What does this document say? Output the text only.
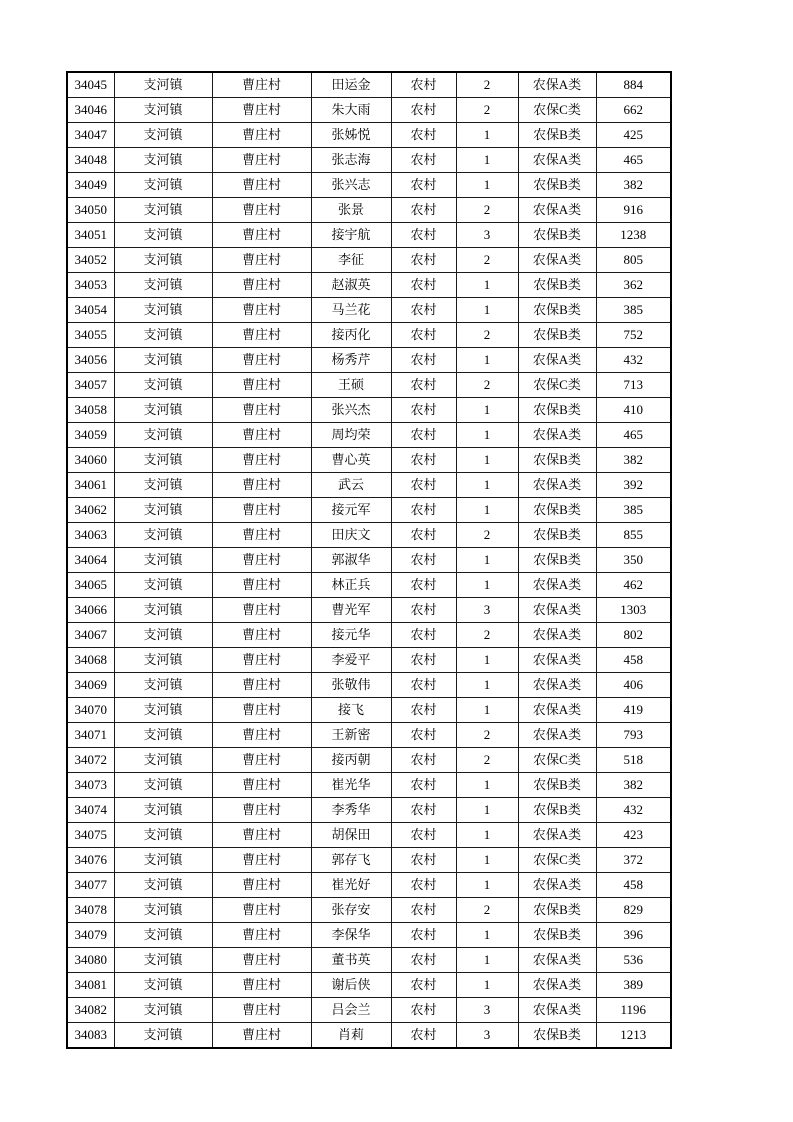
34045	支河镇	曹庄村	田运金	农村	2	农保A类	884
34046	支河镇	曹庄村	朱大雨	农村	2	农保C类	662
34047	支河镇	曹庄村	张姊悦	农村	1	农保B类	425
34048	支河镇	曹庄村	张志海	农村	1	农保A类	465
34049	支河镇	曹庄村	张兴志	农村	1	农保B类	382
34050	支河镇	曹庄村	张景	农村	2	农保A类	916
34051	支河镇	曹庄村	接宇航	农村	3	农保B类	1238
34052	支河镇	曹庄村	李征	农村	2	农保A类	805
34053	支河镇	曹庄村	赵淑英	农村	1	农保B类	362
34054	支河镇	曹庄村	马兰花	农村	1	农保B类	385
34055	支河镇	曹庄村	接丙化	农村	2	农保B类	752
34056	支河镇	曹庄村	杨秀芹	农村	1	农保A类	432
34057	支河镇	曹庄村	王硕	农村	2	农保C类	713
34058	支河镇	曹庄村	张兴杰	农村	1	农保B类	410
34059	支河镇	曹庄村	周均荣	农村	1	农保A类	465
34060	支河镇	曹庄村	曹心英	农村	1	农保B类	382
34061	支河镇	曹庄村	武云	农村	1	农保A类	392
34062	支河镇	曹庄村	接元军	农村	1	农保B类	385
34063	支河镇	曹庄村	田庆文	农村	2	农保B类	855
34064	支河镇	曹庄村	郭淑华	农村	1	农保B类	350
34065	支河镇	曹庄村	林正兵	农村	1	农保A类	462
34066	支河镇	曹庄村	曹光军	农村	3	农保A类	1303
34067	支河镇	曹庄村	接元华	农村	2	农保A类	802
34068	支河镇	曹庄村	李爱平	农村	1	农保A类	458
34069	支河镇	曹庄村	张敬伟	农村	1	农保A类	406
34070	支河镇	曹庄村	接飞	农村	1	农保A类	419
34071	支河镇	曹庄村	王新密	农村	2	农保A类	793
34072	支河镇	曹庄村	接丙朝	农村	2	农保C类	518
34073	支河镇	曹庄村	崔光华	农村	1	农保B类	382
34074	支河镇	曹庄村	李秀华	农村	1	农保B类	432
34075	支河镇	曹庄村	胡保田	农村	1	农保A类	423
34076	支河镇	曹庄村	郭存飞	农村	1	农保C类	372
34077	支河镇	曹庄村	崔光好	农村	1	农保A类	458
34078	支河镇	曹庄村	张存安	农村	2	农保B类	829
34079	支河镇	曹庄村	李保华	农村	1	农保B类	396
34080	支河镇	曹庄村	董书英	农村	1	农保A类	536
34081	支河镇	曹庄村	谢后侠	农村	1	农保A类	389
34082	支河镇	曹庄村	吕会兰	农村	3	农保A类	1196
34083	支河镇	曹庄村	肖莉	农村	3	农保B类	1213
